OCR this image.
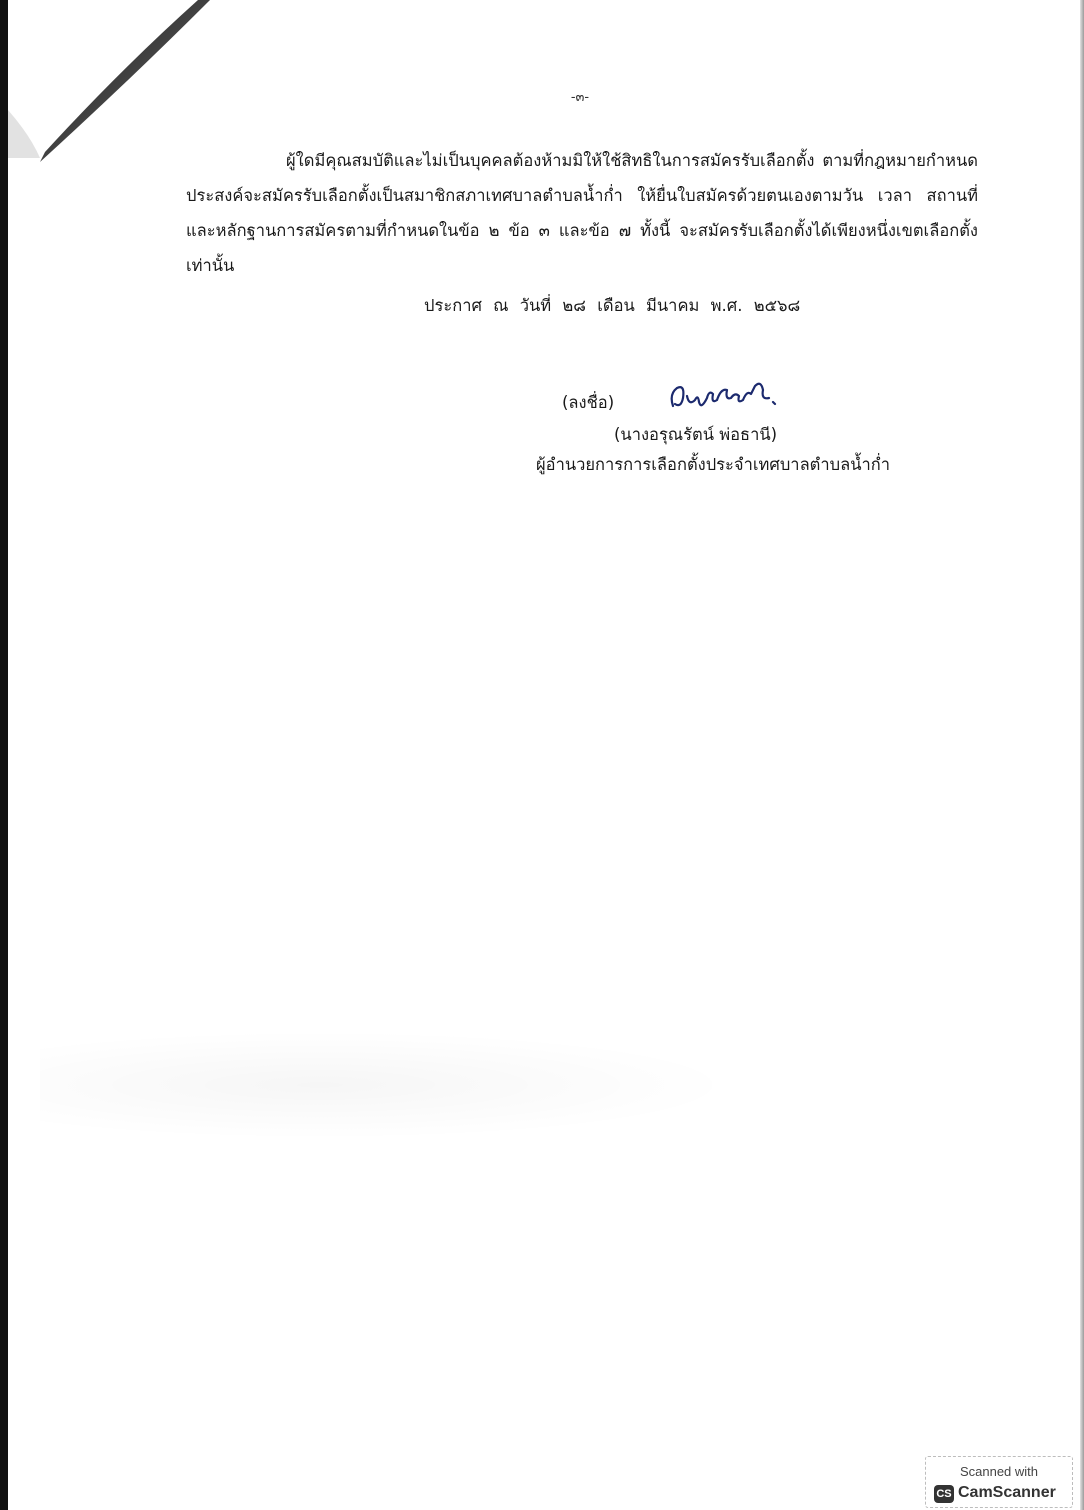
-๓-

ผู้ใดมีคุณสมบัติและไม่เป็นบุคคลต้องห้ามมิให้ใช้สิทธิในการสมัครรับเลือกตั้ง ตามที่กฎหมายกำหนด ประสงค์จะสมัครรับเลือกตั้งเป็นสมาชิกสภาเทศบาลตำบลน้ำก่ำ ให้ยื่นใบสมัครด้วยตนเองตามวัน เวลา สถานที่ และหลักฐานการสมัครตามที่กำหนดในข้อ ๒ ข้อ ๓ และข้อ ๗ ทั้งนี้ จะสมัครรับเลือกตั้งได้เพียงหนึ่งเขตเลือกตั้งเท่านั้น

ประกาศ ณ วันที่ ๒๘ เดือน มีนาคม พ.ศ. ๒๕๖๘
(ลงชื่อ)
(นางอรุณรัตน์ พ่อธานี)
ผู้อำนวยการการเลือกตั้งประจำเทศบาลตำบลน้ำก่ำ
Scanned with
CS CamScanner
